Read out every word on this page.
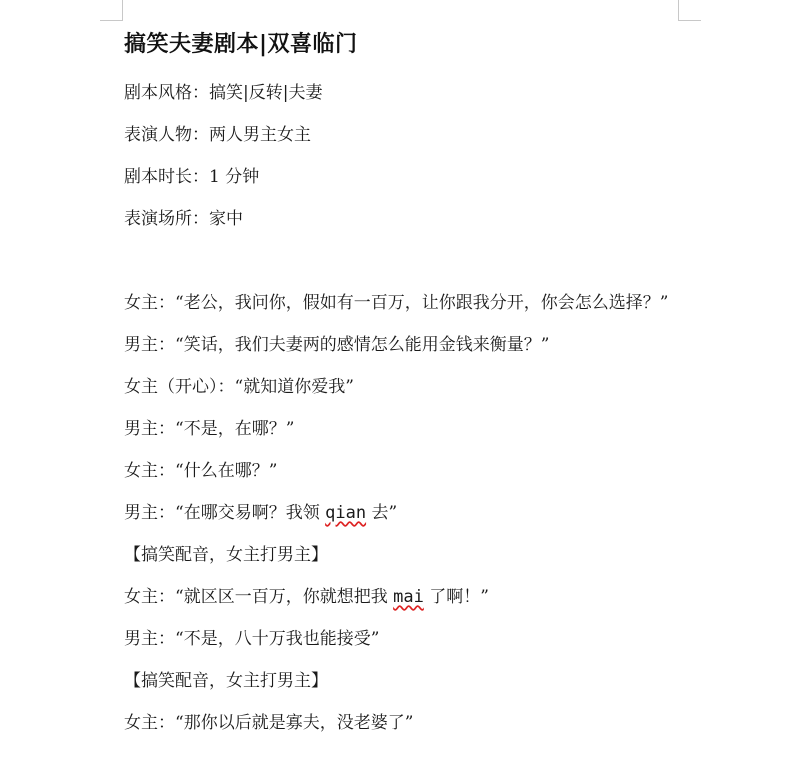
搞笑夫妻剧本|双喜临门
剧本风格：搞笑|反转|夫妻
表演人物：两人男主女主
剧本时长：1 分钟
表演场所：家中
女主：“老公，我问你，假如有一百万，让你跟我分开，你会怎么选择？”
男主：“笑话，我们夫妻两的感情怎么能用金钱来衡量？”
女主（开心）：“就知道你爱我”
男主：“不是，在哪？”
女主：“什么在哪？”
男主：“在哪交易啊？我领 qian 去”
【搞笑配音，女主打男主】
女主：“就区区一百万，你就想把我 mai 了啊！”
男主：“不是，八十万我也能接受”
【搞笑配音，女主打男主】
女主：“那你以后就是寡夫，没老婆了”
